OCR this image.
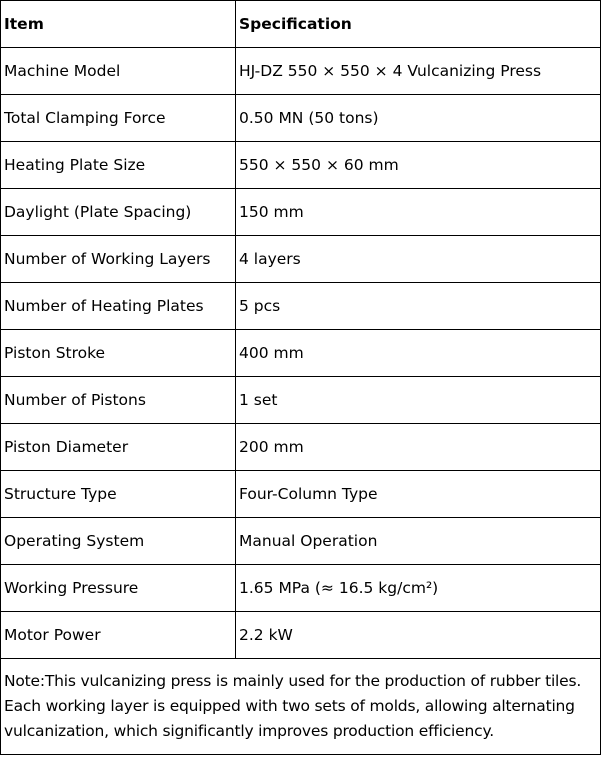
Item	Specification
Machine Model	HJ-DZ 550 × 550 × 4 Vulcanizing Press
Total Clamping Force	0.50 MN (50 tons)
Heating Plate Size	550 × 550 × 60 mm
Daylight (Plate Spacing)	150 mm
Number of Working Layers	4 layers
Number of Heating Plates	5 pcs
Piston Stroke	400 mm
Number of Pistons	1 set
Piston Diameter	200 mm
Structure Type	Four-Column Type
Operating System	Manual Operation
Working Pressure	1.65 MPa (≈ 16.5 kg/cm²)
Motor Power	2.2 kW
Note:This vulcanizing press is mainly used for the production of rubber tiles. Each working layer is equipped with two sets of molds, allowing alternating vulcanization, which significantly improves production efficiency.	
